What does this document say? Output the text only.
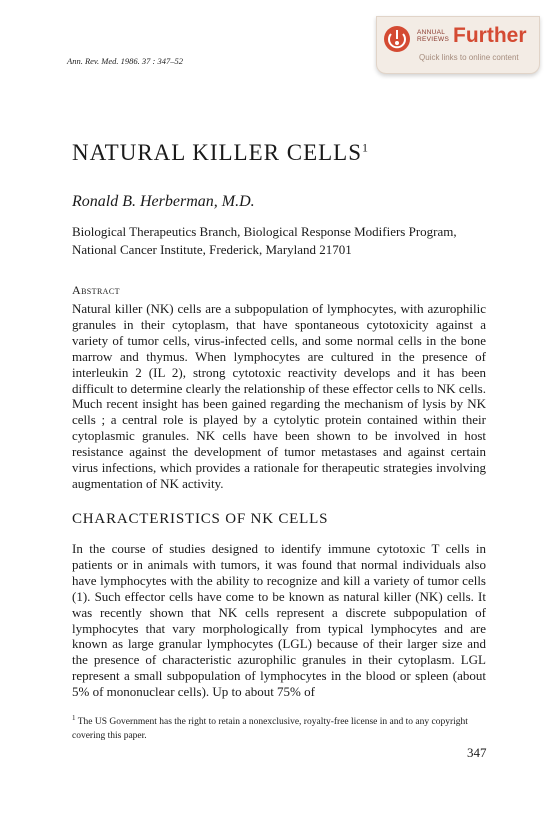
ANNUAL
REVIEWS Further
Quick links to online content
Ann. Rev. Med. 1986. 37 : 347–52
NATURAL KILLER CELLS$^1$
Ronald B. Herberman, M.D.
Biological Therapeutics Branch, Biological Response Modifiers Program,
National Cancer Institute, Frederick, Maryland 21701
Abstract
Natural killer (NK) cells are a subpopulation of lymphocytes, with azurophilic granules in their cytoplasm, that have spontaneous cytotoxicity against a variety of tumor cells, virus-infected cells, and some normal cells in the bone marrow and thymus. When lymphocytes are cultured in the presence of interleukin 2 (IL 2), strong cytotoxic reactivity develops and it has been difficult to determine clearly the relationship of these effector cells to NK cells. Much recent insight has been gained regarding the mechanism of lysis by NK cells ; a central role is played by a cytolytic protein contained within their cytoplasmic granules. NK cells have been shown to be involved in host resistance against the development of tumor metastases and against certain virus infections, which provides a rationale for therapeutic strategies involving augmentation of NK activity.
CHARACTERISTICS OF NK CELLS
In the course of studies designed to identify immune cytotoxic T cells in patients or in animals with tumors, it was found that normal individuals also have lymphocytes with the ability to recognize and kill a variety of tumor cells (1). Such effector cells have come to be known as natural killer (NK) cells. It was recently shown that NK cells represent a discrete subpopulation of lymphocytes that vary morphologically from typical lymphocytes and are known as large granular lymphocytes (LGL) because of their larger size and the presence of characteristic azurophilic granules in their cytoplasm. LGL represent a small subpopulation of lymphocytes in the blood or spleen (about 5% of mononuclear cells). Up to about 75% of
$^1$ The US Government has the right to retain a nonexclusive, royalty-free license in and to any copyright covering this paper.
347
